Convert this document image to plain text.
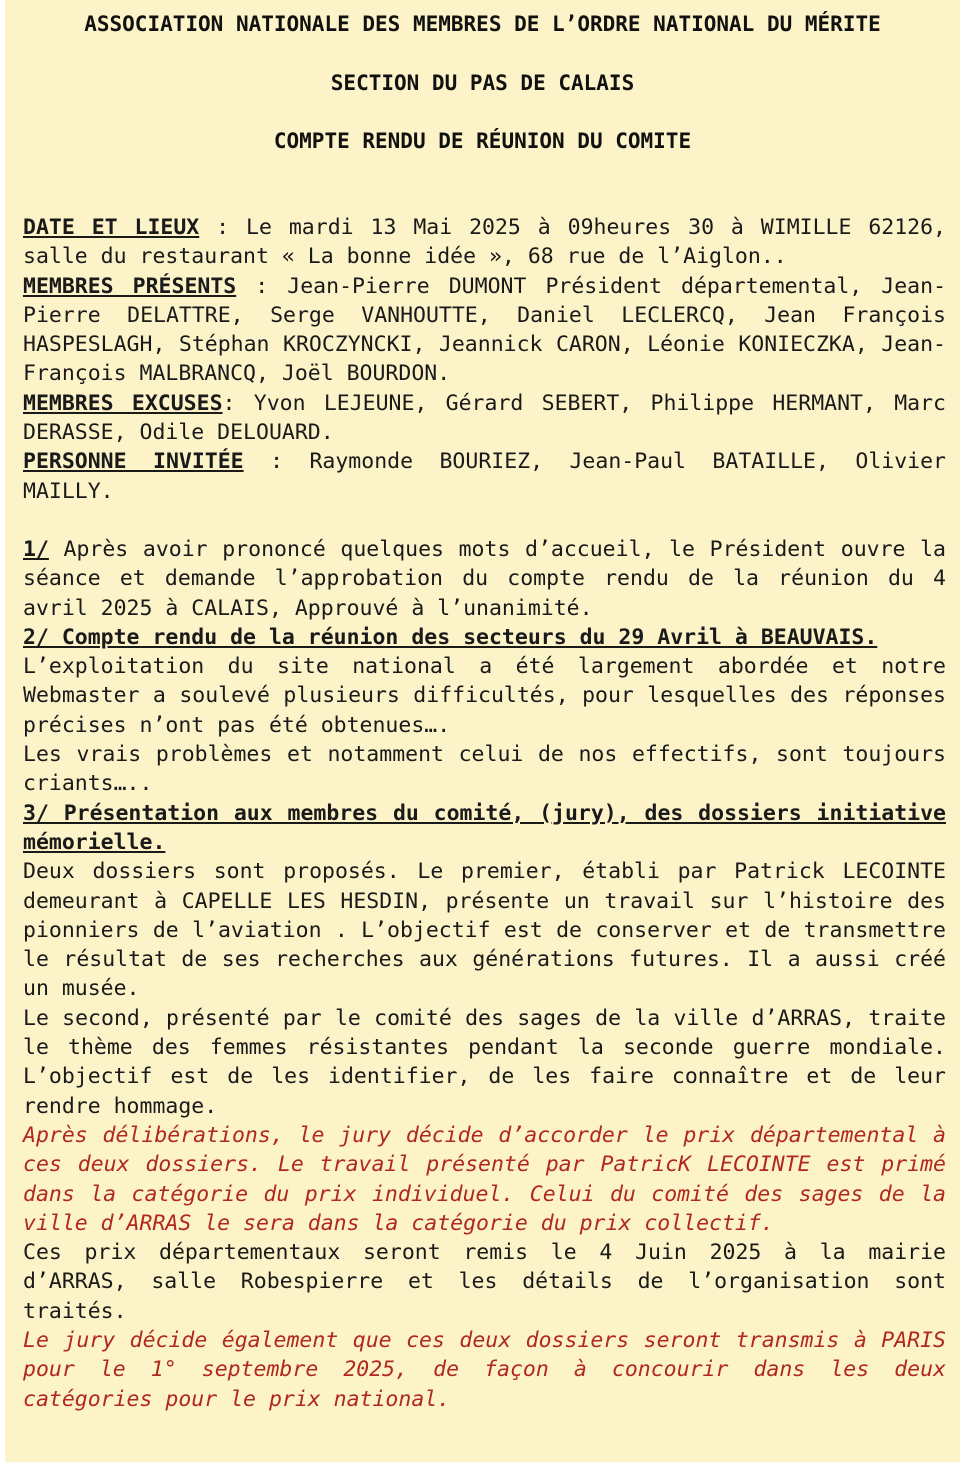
ASSOCIATION NATIONALE DES MEMBRES DE L’ORDRE NATIONAL DU MÉRITE
SECTION DU PAS DE CALAIS
COMPTE RENDU DE RÉUNION DU COMITE

DATE ET LIEUX : Le mardi 13 Mai 2025 à 09heures 30 à WIMILLE 62126, salle du restaurant « La bonne idée », 68 rue de l’Aiglon..

MEMBRES PRÉSENTS : Jean-Pierre DUMONT Président départemental, Jean-Pierre DELATTRE, Serge VANHOUTTE, Daniel LECLERCQ, Jean François HASPESLAGH, Stéphan KROCZYNCKI, Jeannick CARON, Léonie KONIECZKA, Jean-François MALBRANCQ, Joël BOURDON.

MEMBRES EXCUSES: Yvon LEJEUNE, Gérard SEBERT, Philippe HERMANT, Marc DERASSE, Odile DELOUARD.

PERSONNE INVITÉE : Raymonde BOURIEZ, Jean-Paul BATAILLE, Olivier MAILLY.

1/ Après avoir prononcé quelques mots d’accueil, le Président ouvre la séance et demande l’approbation du compte rendu de la réunion du 4 avril 2025 à CALAIS, Approuvé à l’unanimité.

2/ Compte rendu de la réunion des secteurs du 29 Avril à BEAUVAIS.

L’exploitation du site national a été largement abordée et notre Webmaster a soulevé plusieurs difficultés, pour lesquelles des réponses précises n’ont pas été obtenues….

Les vrais problèmes et notamment celui de nos effectifs, sont toujours criants…..

3/ Présentation aux membres du comité, (jury), des dossiers initiative mémorielle.

Deux dossiers sont proposés. Le premier, établi par Patrick LECOINTE demeurant à CAPELLE LES HESDIN, présente un travail sur l’histoire des pionniers de l’aviation . L’objectif est de conserver et de transmettre le résultat de ses recherches aux générations futures. Il a aussi créé un musée.

Le second, présenté par le comité des sages de la ville d’ARRAS, traite le thème des femmes résistantes pendant la seconde guerre mondiale. L’objectif est de les identifier, de les faire connaître et de leur rendre hommage.

Après délibérations, le jury décide d’accorder le prix départemental à ces deux dossiers. Le travail présenté par PatricK LECOINTE est primé dans la catégorie du prix individuel. Celui du comité des sages de la ville d’ARRAS le sera dans la catégorie du prix collectif.

Ces prix départementaux seront remis le 4 Juin 2025 à la mairie d’ARRAS, salle Robespierre et les détails de l’organisation sont traités.

Le jury décide également que ces deux dossiers seront transmis à PARIS pour le 1° septembre 2025, de façon à concourir dans les deux catégories pour le prix national.
